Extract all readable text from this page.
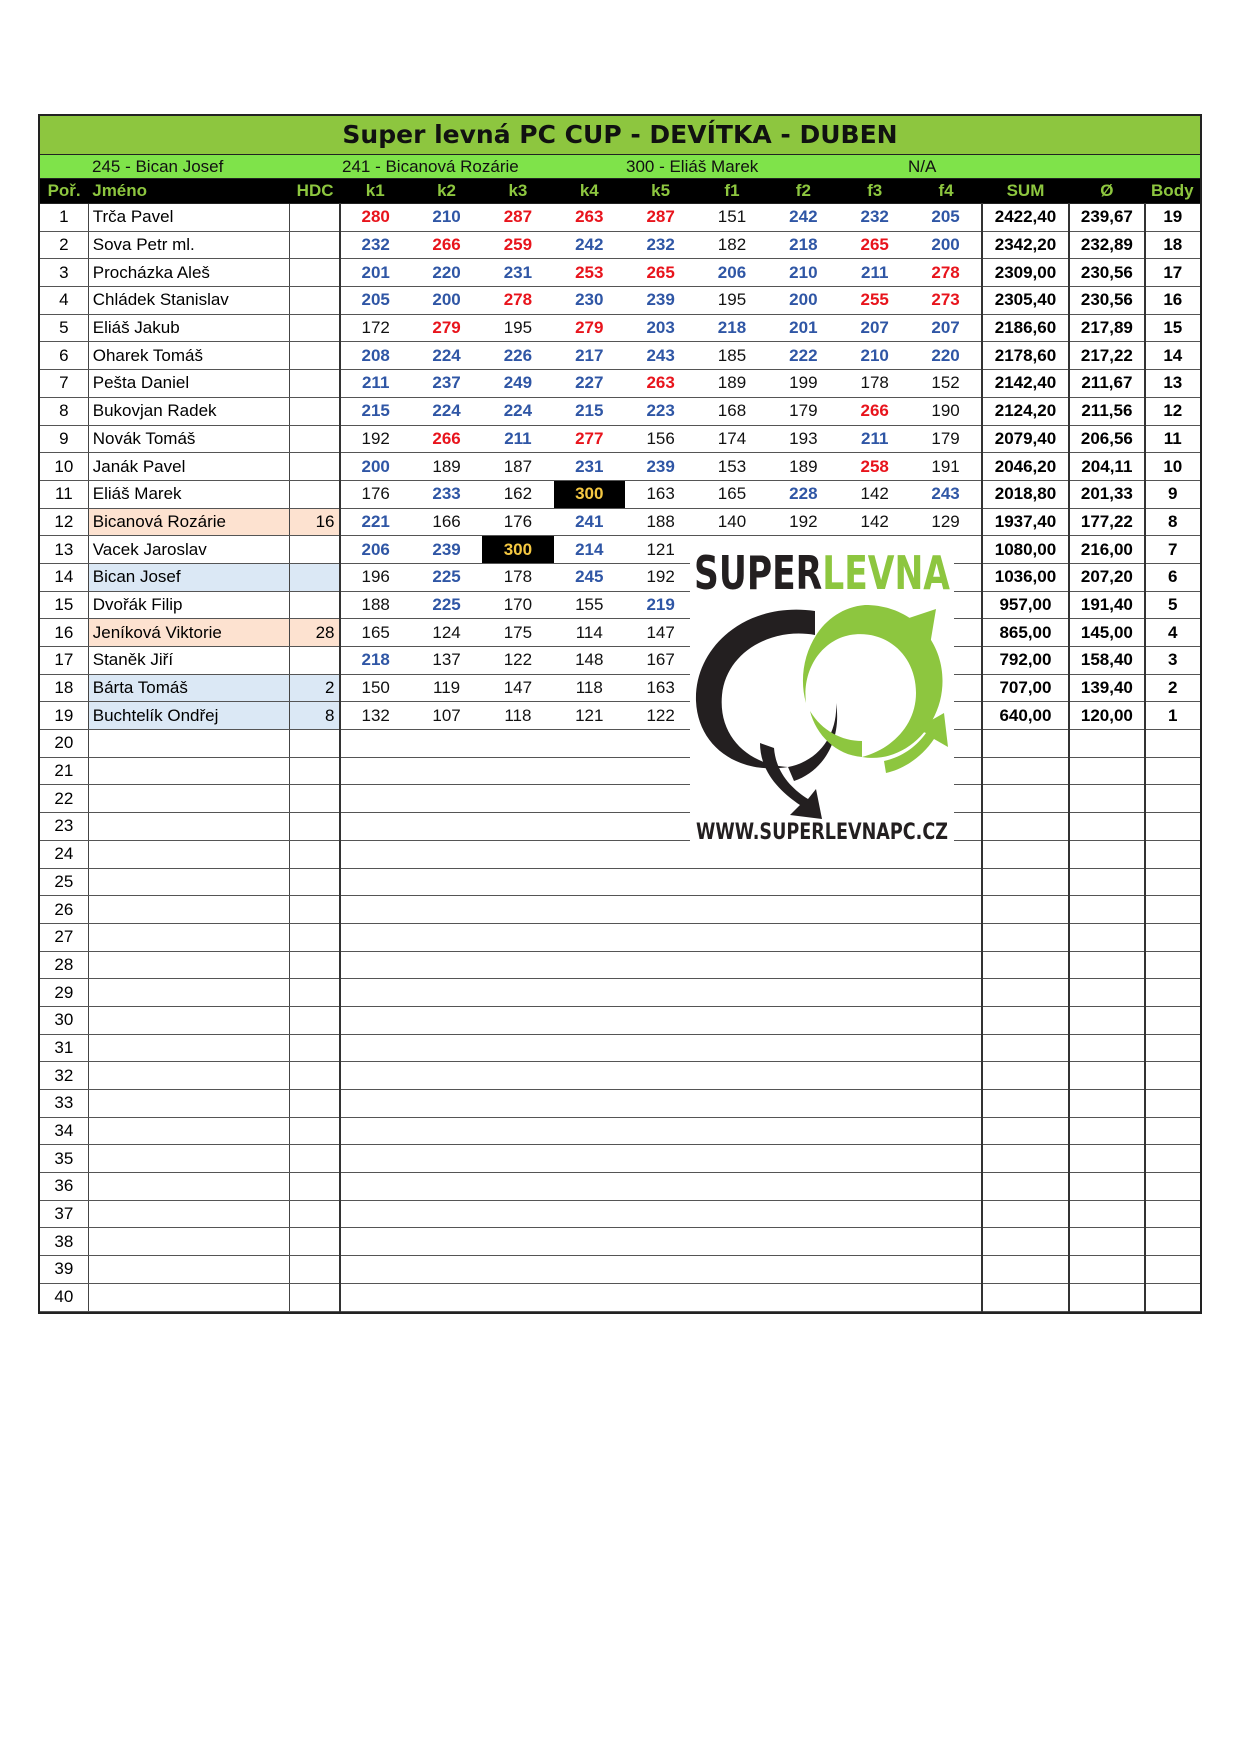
Super levná PC CUP - DEVÍTKA - DUBEN
245 - Bican Josef	241 - Bicanová Rozárie	300 - Eliáš Marek	N/A
Poř.	Jméno	HDC	k1	k2	k3	k4	k5	f1	f2	f3	f4	SUM	Ø	Body
1	Trča Pavel		280	210	287	263	287	151	242	232	205	2422,40	239,67	19
2	Sova Petr ml.		232	266	259	242	232	182	218	265	200	2342,20	232,89	18
3	Procházka Aleš		201	220	231	253	265	206	210	211	278	2309,00	230,56	17
4	Chládek Stanislav		205	200	278	230	239	195	200	255	273	2305,40	230,56	16
5	Eliáš Jakub		172	279	195	279	203	218	201	207	207	2186,60	217,89	15
6	Oharek Tomáš		208	224	226	217	243	185	222	210	220	2178,60	217,22	14
7	Pešta Daniel		211	237	249	227	263	189	199	178	152	2142,40	211,67	13
8	Bukovjan Radek		215	224	224	215	223	168	179	266	190	2124,20	211,56	12
9	Novák Tomáš		192	266	211	277	156	174	193	211	179	2079,40	206,56	11
10	Janák Pavel		200	189	187	231	239	153	189	258	191	2046,20	204,11	10
11	Eliáš Marek		176	233	162	300	163	165	228	142	243	2018,80	201,33	9
12	Bicanová Rozárie	16	221	166	176	241	188	140	192	142	129	1937,40	177,22	8
13	Vacek Jaroslav		206	239	300	214	121					1080,00	216,00	7
14	Bican Josef	0	196	225	178	245	192					1036,00	207,20	6
15	Dvořák Filip		188	225	170	155	219					957,00	191,40	5
16	Jeníková Viktorie	28	165	124	175	114	147					865,00	145,00	4
17	Staněk Jiří		218	137	122	148	167					792,00	158,40	3
18	Bárta Tomáš	2	150	119	147	118	163					707,00	139,40	2
19	Buchtelík Ondřej	8	132	107	118	121	122					640,00	120,00	1
20														
21														
22														
23														
24														
25														
26														
27														
28														
29														
30														
31														
32														
33														
34														
35														
36														
37														
38														
39														
40														
SUPERLEVNA
WWW.SUPERLEVNAPC.CZ
